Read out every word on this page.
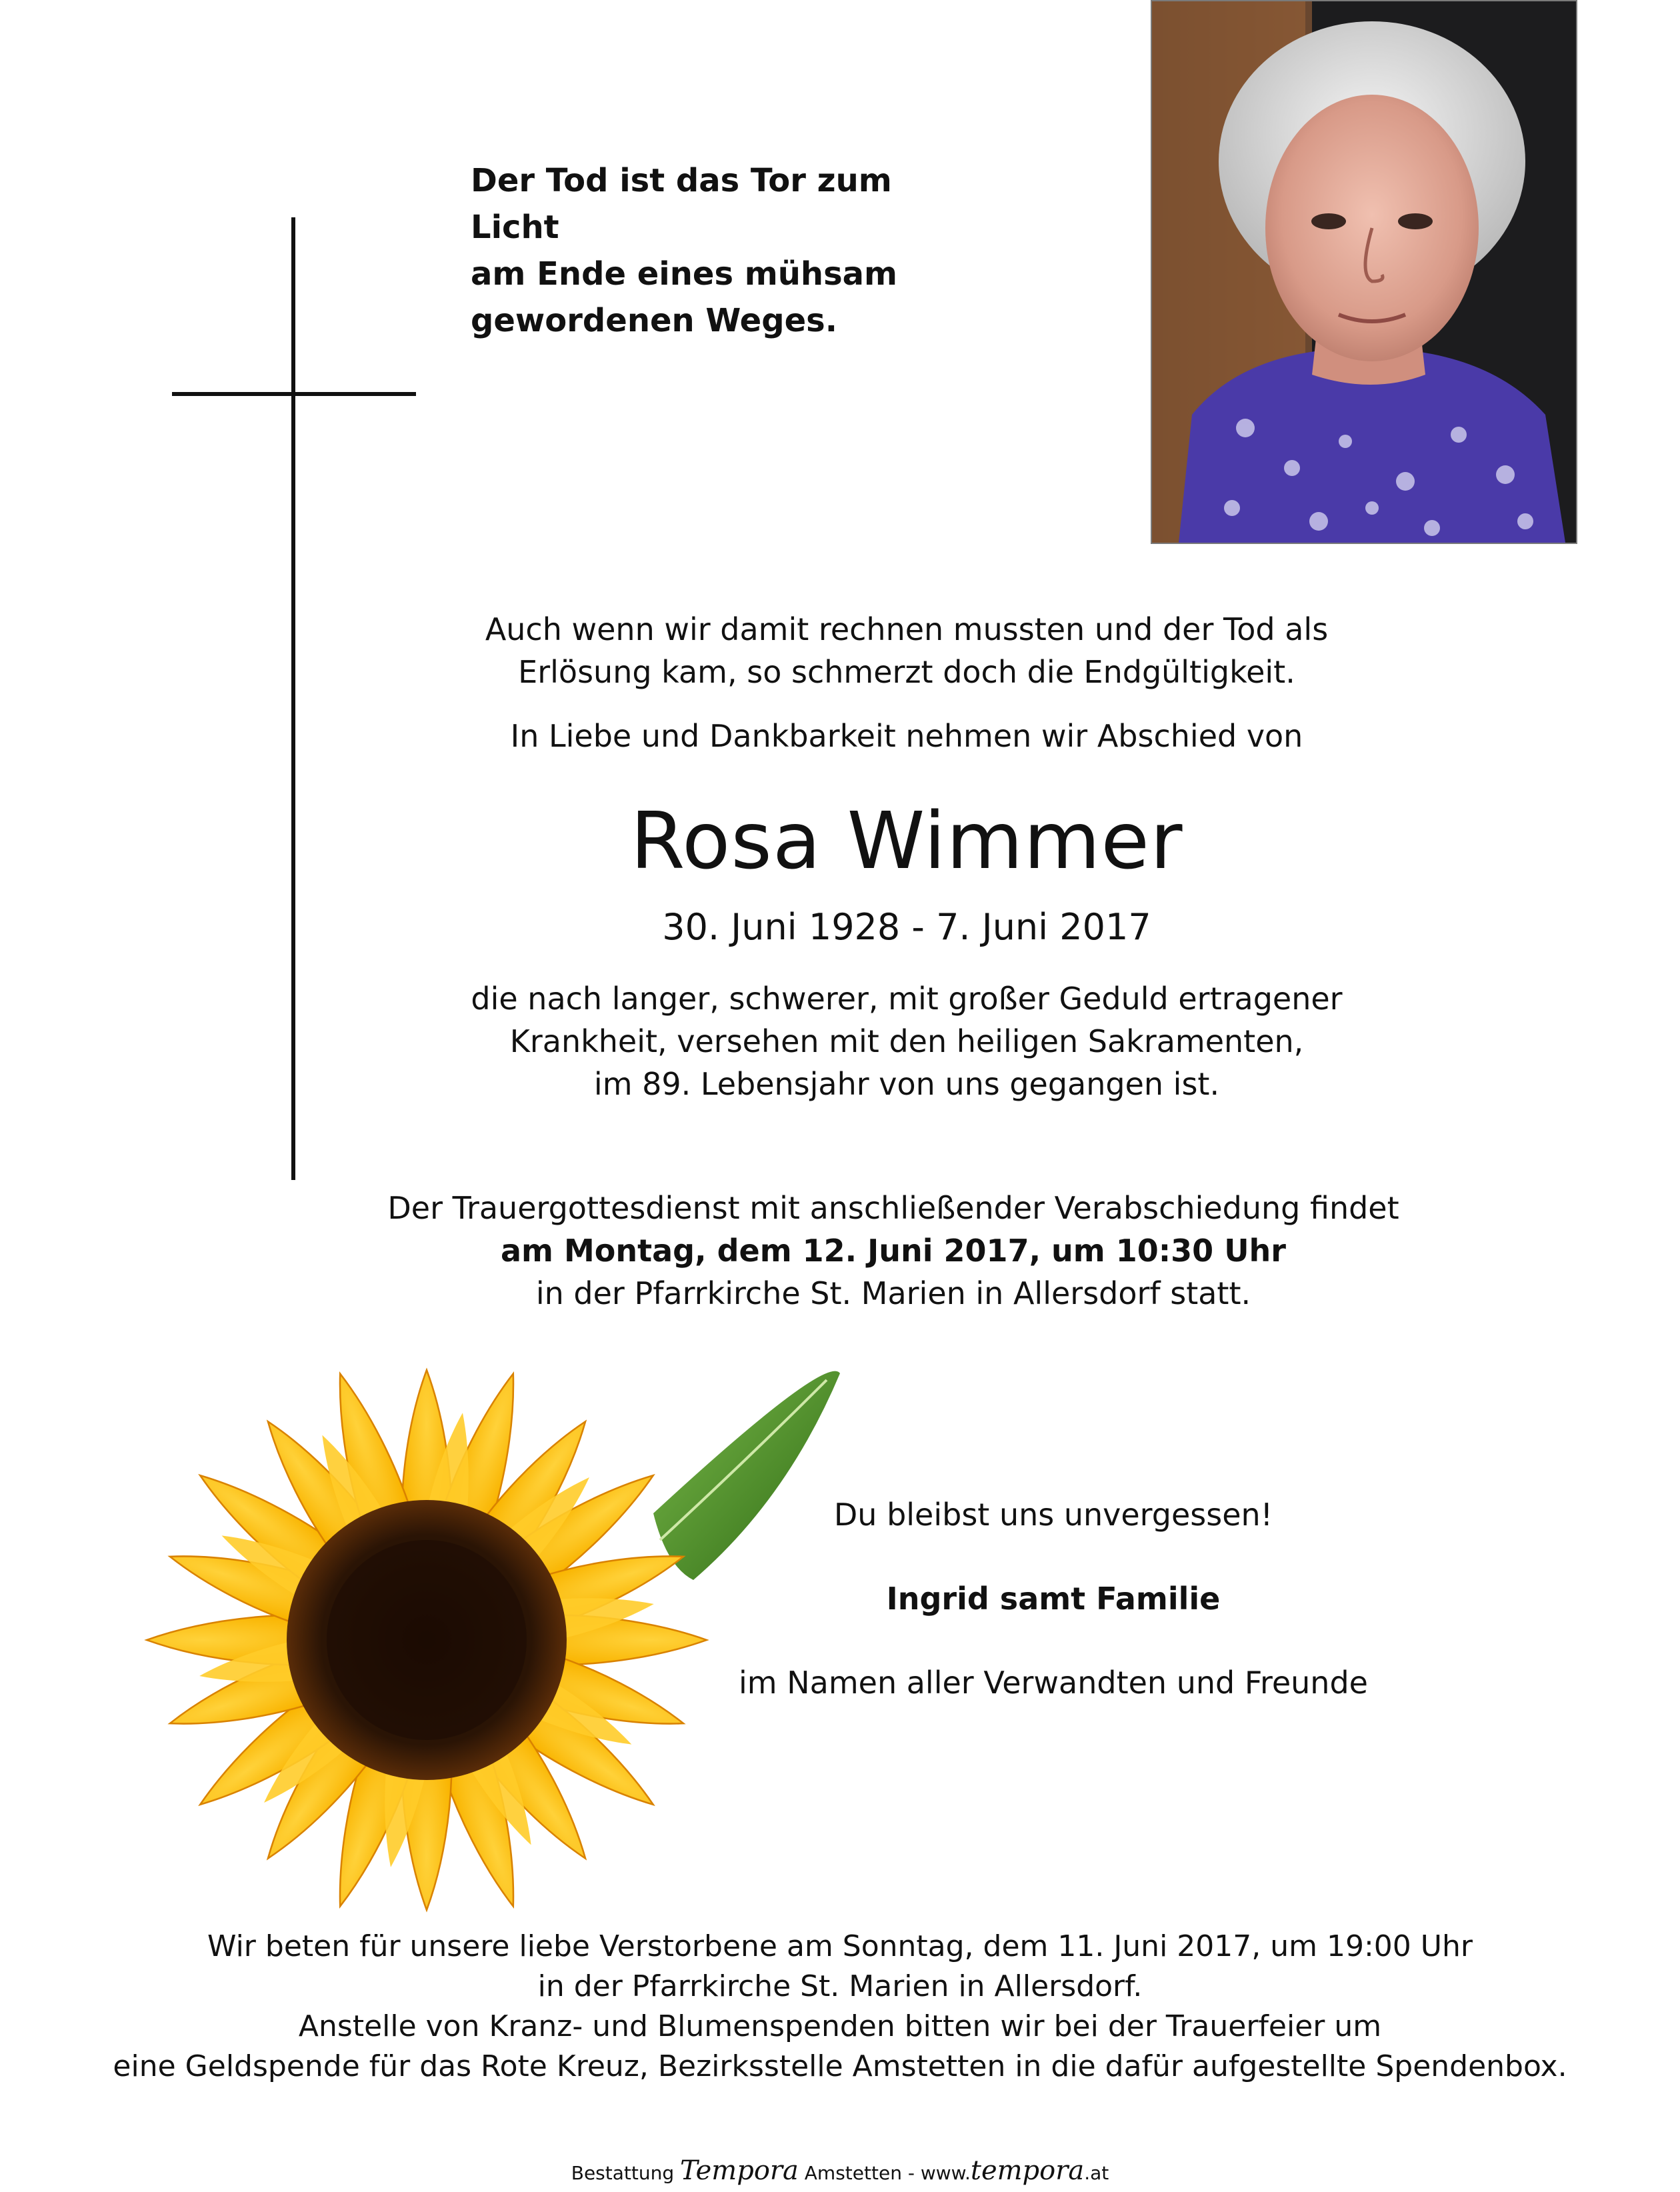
Der Tod ist das Tor zum Licht
am Ende eines mühsam
gewordenen Weges.
Auch wenn wir damit rechnen mussten und der Tod als
Erlösung kam, so schmerzt doch die Endgültigkeit.
In Liebe und Dankbarkeit nehmen wir Abschied von
Rosa Wimmer
30. Juni 1928 - 7. Juni 2017
die nach langer, schwerer, mit großer Geduld ertragener
Krankheit, versehen mit den heiligen Sakramenten,
im 89. Lebensjahr von uns gegangen ist.
Der Trauergottesdienst mit anschließender Verabschiedung findet
am Montag, dem 12. Juni 2017, um 10:30 Uhr
in der Pfarrkirche St. Marien in Allersdorf statt.
Du bleibst uns unvergessen!
Ingrid samt Familie
im Namen aller Verwandten und Freunde
Wir beten für unsere liebe Verstorbene am Sonntag, dem 11. Juni 2017, um 19:00 Uhr
in der Pfarrkirche St. Marien in Allersdorf.
Anstelle von Kranz- und Blumenspenden bitten wir bei der Trauerfeier um
eine Geldspende für das Rote Kreuz, Bezirksstelle Amstetten in die dafür aufgestellte Spendenbox.
Bestattung Tempora Amstetten - www.tempora.at
